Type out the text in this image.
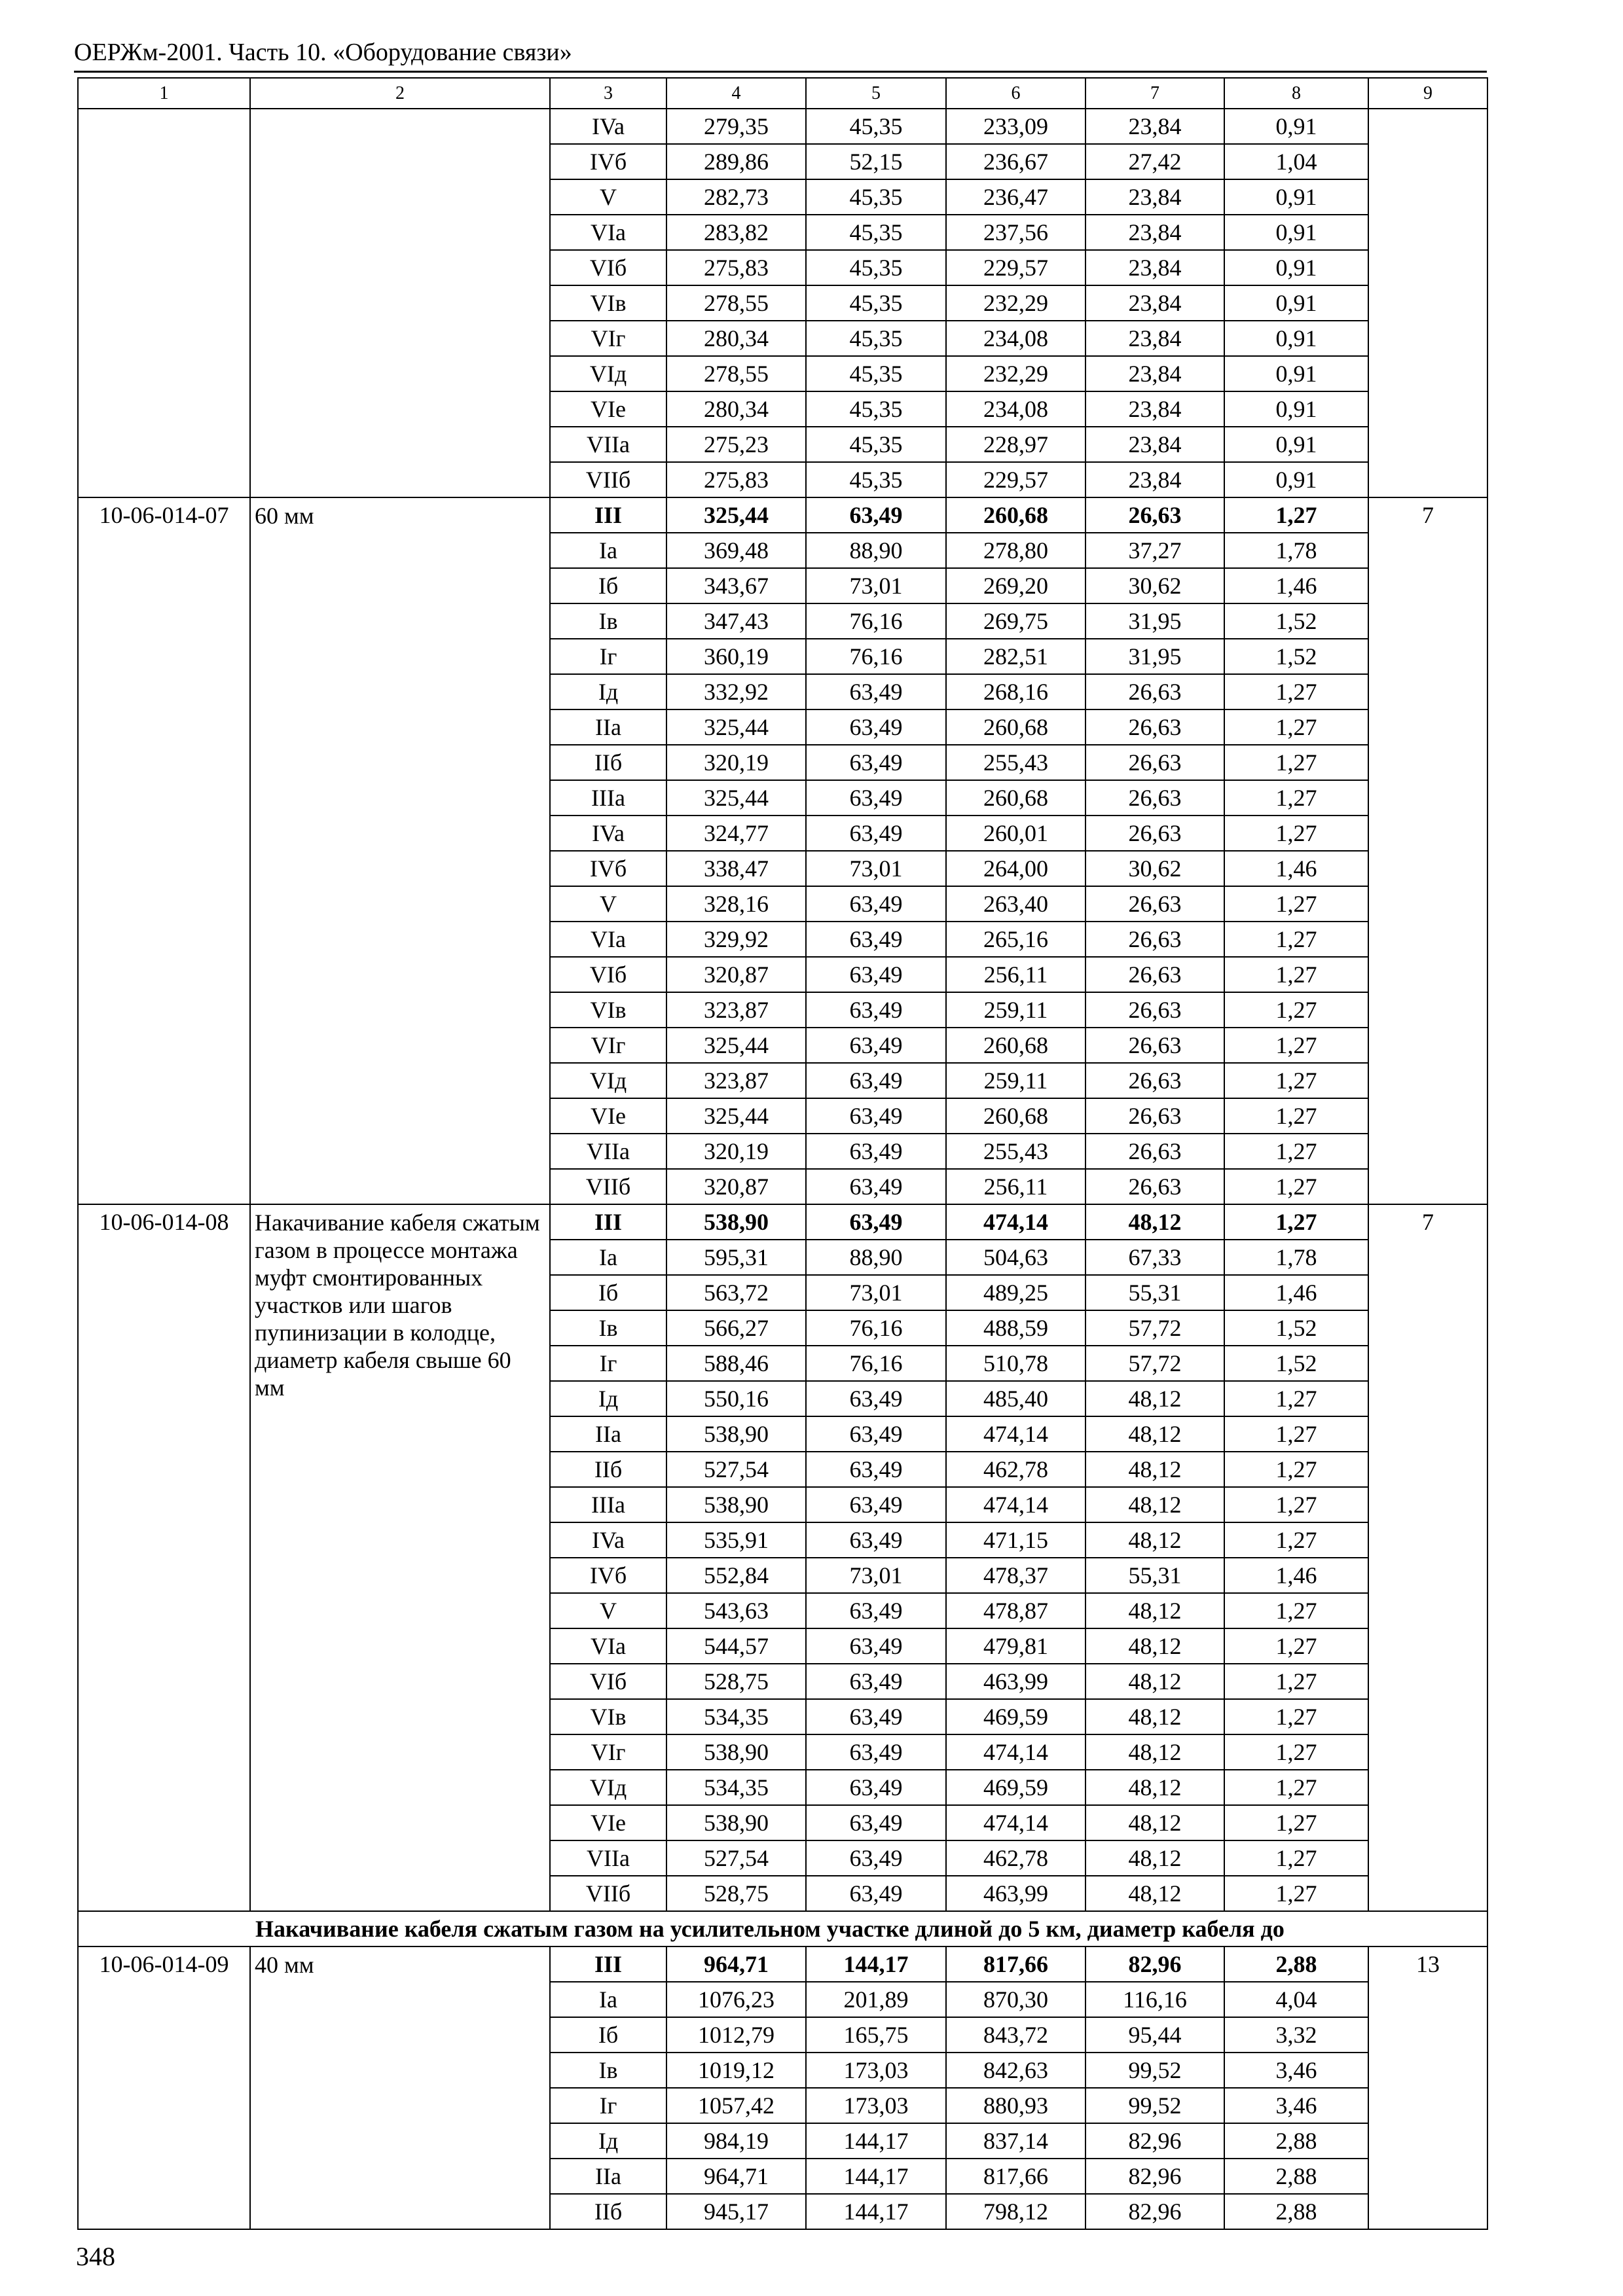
ОЕРЖм-2001. Часть 10. «Оборудование связи»
1	2	3	4	5	6	7	8	9
		IVa	279,35	45,35	233,09	23,84	0,91	
		IVб	289,86	52,15	236,67	27,42	1,04	
		V	282,73	45,35	236,47	23,84	0,91	
		VIa	283,82	45,35	237,56	23,84	0,91	
		VIб	275,83	45,35	229,57	23,84	0,91	
		VIв	278,55	45,35	232,29	23,84	0,91	
		VIг	280,34	45,35	234,08	23,84	0,91	
		VIд	278,55	45,35	232,29	23,84	0,91	
		VIе	280,34	45,35	234,08	23,84	0,91	
		VIIa	275,23	45,35	228,97	23,84	0,91	
		VIIб	275,83	45,35	229,57	23,84	0,91	
10-06-014-07	60 мм	III	325,44	63,49	260,68	26,63	1,27	7
		Ia	369,48	88,90	278,80	37,27	1,78	
		Iб	343,67	73,01	269,20	30,62	1,46	
		Iв	347,43	76,16	269,75	31,95	1,52	
		Iг	360,19	76,16	282,51	31,95	1,52	
		Iд	332,92	63,49	268,16	26,63	1,27	
		IIa	325,44	63,49	260,68	26,63	1,27	
		IIб	320,19	63,49	255,43	26,63	1,27	
		IIIa	325,44	63,49	260,68	26,63	1,27	
		IVa	324,77	63,49	260,01	26,63	1,27	
		IVб	338,47	73,01	264,00	30,62	1,46	
		V	328,16	63,49	263,40	26,63	1,27	
		VIa	329,92	63,49	265,16	26,63	1,27	
		VIб	320,87	63,49	256,11	26,63	1,27	
		VIв	323,87	63,49	259,11	26,63	1,27	
		VIг	325,44	63,49	260,68	26,63	1,27	
		VIд	323,87	63,49	259,11	26,63	1,27	
		VIе	325,44	63,49	260,68	26,63	1,27	
		VIIa	320,19	63,49	255,43	26,63	1,27	
		VIIб	320,87	63,49	256,11	26,63	1,27	
10-06-014-08	Накачивание кабеля сжатым газом в процессе монтажа муфт смонтированных участков или шагов пупинизации в колодце, диаметр кабеля свыше 60 мм	III	538,90	63,49	474,14	48,12	1,27	7
		Ia	595,31	88,90	504,63	67,33	1,78	
		Iб	563,72	73,01	489,25	55,31	1,46	
		Iв	566,27	76,16	488,59	57,72	1,52	
		Iг	588,46	76,16	510,78	57,72	1,52	
		Iд	550,16	63,49	485,40	48,12	1,27	
		IIa	538,90	63,49	474,14	48,12	1,27	
		IIб	527,54	63,49	462,78	48,12	1,27	
		IIIa	538,90	63,49	474,14	48,12	1,27	
		IVa	535,91	63,49	471,15	48,12	1,27	
		IVб	552,84	73,01	478,37	55,31	1,46	
		V	543,63	63,49	478,87	48,12	1,27	
		VIa	544,57	63,49	479,81	48,12	1,27	
		VIб	528,75	63,49	463,99	48,12	1,27	
		VIв	534,35	63,49	469,59	48,12	1,27	
		VIг	538,90	63,49	474,14	48,12	1,27	
		VIд	534,35	63,49	469,59	48,12	1,27	
		VIе	538,90	63,49	474,14	48,12	1,27	
		VIIa	527,54	63,49	462,78	48,12	1,27	
		VIIб	528,75	63,49	463,99	48,12	1,27	
Накачивание кабеля сжатым газом на усилительном участке длиной до 5 км, диаметр кабеля до								
10-06-014-09	40 мм	III	964,71	144,17	817,66	82,96	2,88	13
		Ia	1076,23	201,89	870,30	116,16	4,04	
		Iб	1012,79	165,75	843,72	95,44	3,32	
		Iв	1019,12	173,03	842,63	99,52	3,46	
		Iг	1057,42	173,03	880,93	99,52	3,46	
		Iд	984,19	144,17	837,14	82,96	2,88	
		IIa	964,71	144,17	817,66	82,96	2,88	
		IIб	945,17	144,17	798,12	82,96	2,88	
348
